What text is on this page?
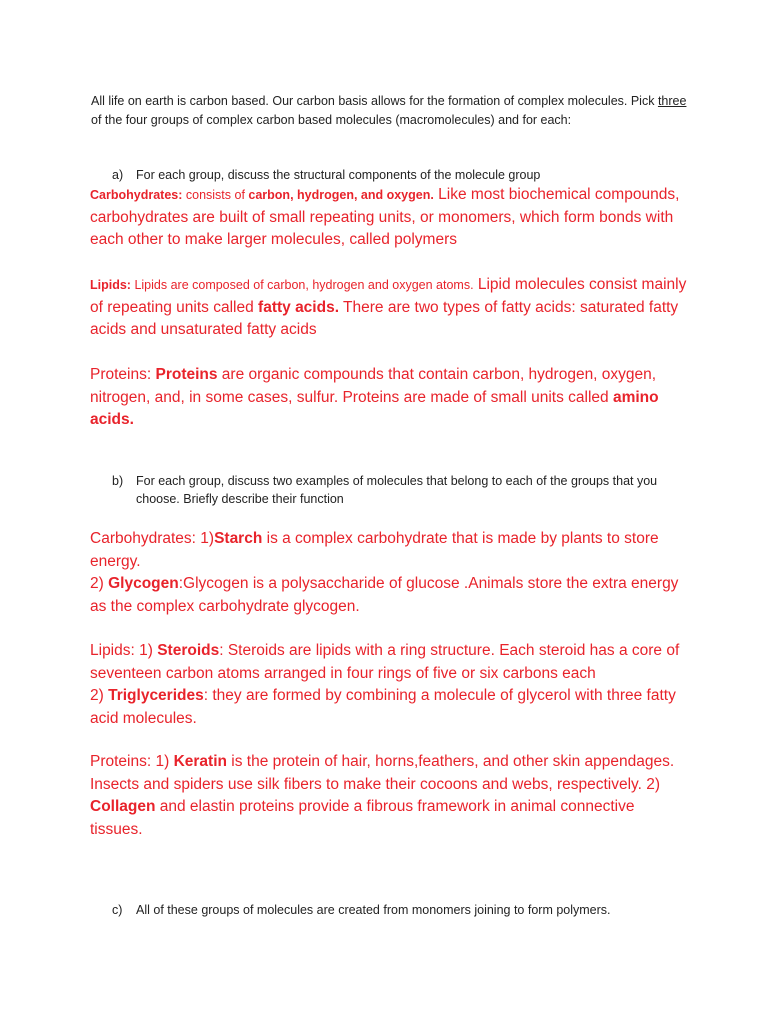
All life on earth is carbon based. Our carbon basis allows for the formation of complex molecules. Pick three of the four groups of complex carbon based molecules (macromolecules) and for each:

a)	For each group, discuss the structural components of the molecule group

Carbohydrates: consists of carbon, hydrogen, and oxygen. Like most biochemical compounds, carbohydrates are built of small repeating units, or monomers, which form bonds with each other to make larger molecules, called polymers

Lipids: Lipids are composed of carbon, hydrogen and oxygen atoms. Lipid molecules consist mainly of repeating units called fatty acids. There are two types of fatty acids: saturated fatty acids and unsaturated fatty acids

Proteins: Proteins are organic compounds that contain carbon, hydrogen, oxygen, nitrogen, and, in some cases, sulfur. Proteins are made of small units called amino acids.

b)	For each group, discuss two examples of molecules that belong to each of the groups that you choose. Briefly describe their function

Carbohydrates: 1)Starch is a complex carbohydrate that is made by plants to store energy.
2) Glycogen:Glycogen is a polysaccharide of glucose .Animals store the extra energy as the complex carbohydrate glycogen.

Lipids: 1) Steroids: Steroids are lipids with a ring structure. Each steroid has a core of seventeen carbon atoms arranged in four rings of five or six carbons each
2) Triglycerides: they are formed by combining a molecule of glycerol with three fatty acid molecules.

Proteins: 1) Keratin is the protein of hair, horns,feathers, and other skin appendages. Insects and spiders use silk fibers to make their cocoons and webs, respectively. 2) Collagen and elastin proteins provide a fibrous framework in animal connective tissues.

c)	All of these groups of molecules are created from monomers joining to form polymers.
